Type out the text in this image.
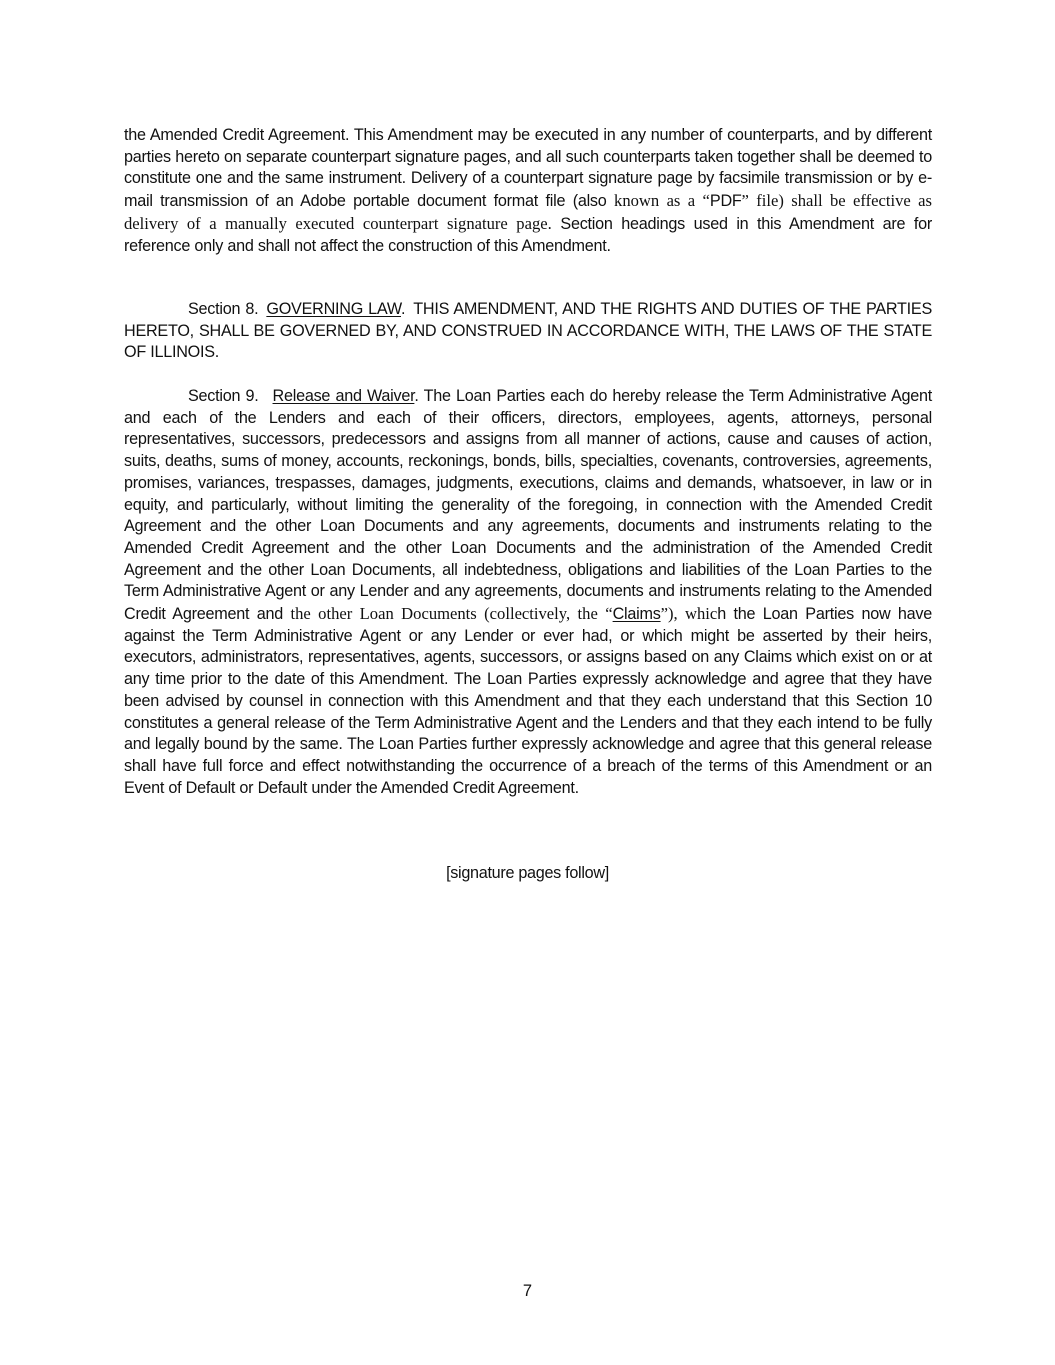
the Amended Credit Agreement. This Amendment may be executed in any number of counterparts, and by different parties hereto on separate counterpart signature pages, and all such counterparts taken together shall be deemed to constitute one and the same instrument. Delivery of a counterpart signature page by facsimile transmission or by e-mail transmission of an Adobe portable document format file (also known as a “PDF” file) shall be effective as delivery of a manually executed counterpart signature page. Section headings used in this Amendment are for reference only and shall not affect the construction of this Amendment.

Section 8. GOVERNING LAW. THIS AMENDMENT, AND THE RIGHTS AND DUTIES OF THE PARTIES HERETO, SHALL BE GOVERNED BY, AND CONSTRUED IN ACCORDANCE WITH, THE LAWS OF THE STATE OF ILLINOIS.

Section 9. Release and Waiver. The Loan Parties each do hereby release the Term Administrative Agent and each of the Lenders and each of their officers, directors, employees, agents, attorneys, personal representatives, successors, predecessors and assigns from all manner of actions, cause and causes of action, suits, deaths, sums of money, accounts, reckonings, bonds, bills, specialties, covenants, controversies, agreements, promises, variances, trespasses, damages, judgments, executions, claims and demands, whatsoever, in law or in equity, and particularly, without limiting the generality of the foregoing, in connection with the Amended Credit Agreement and the other Loan Documents and any agreements, documents and instruments relating to the Amended Credit Agreement and the other Loan Documents and the administration of the Amended Credit Agreement and the other Loan Documents, all indebtedness, obligations and liabilities of the Loan Parties to the Term Administrative Agent or any Lender and any agreements, documents and instruments relating to the Amended Credit Agreement and the other Loan Documents (collectively, the “Claims”), which the Loan Parties now have against the Term Administrative Agent or any Lender or ever had, or which might be asserted by their heirs, executors, administrators, representatives, agents, successors, or assigns based on any Claims which exist on or at any time prior to the date of this Amendment. The Loan Parties expressly acknowledge and agree that they have been advised by counsel in connection with this Amendment and that they each understand that this Section 10 constitutes a general release of the Term Administrative Agent and the Lenders and that they each intend to be fully and legally bound by the same. The Loan Parties further expressly acknowledge and agree that this general release shall have full force and effect notwithstanding the occurrence of a breach of the terms of this Amendment or an Event of Default or Default under the Amended Credit Agreement.

[signature pages follow]

7
